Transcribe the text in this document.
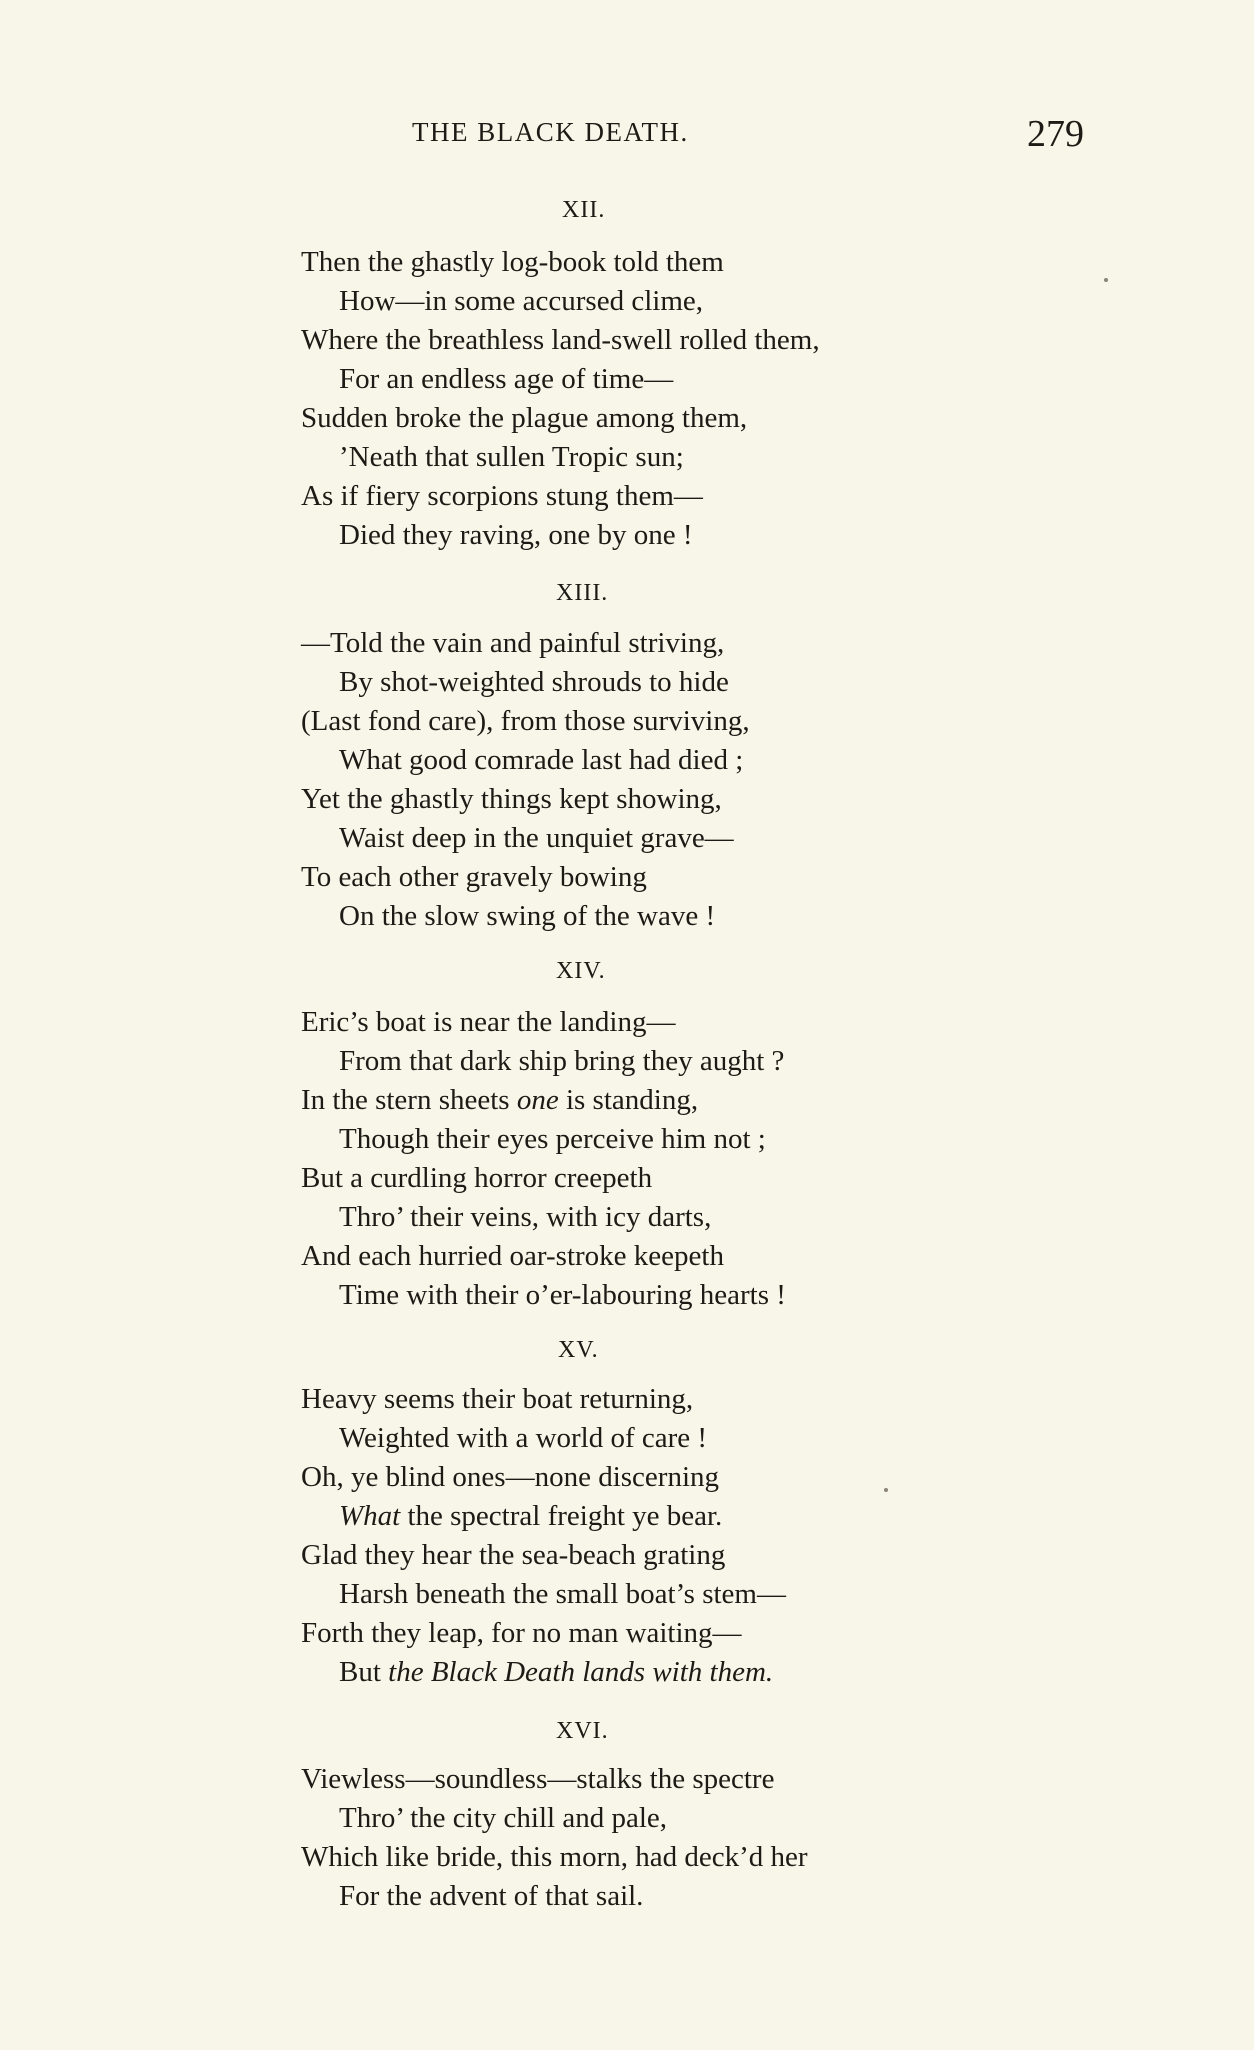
THE BLACK DEATH.	279
XII.
Then the ghastly log-book told them
How—in some accursed clime,
Where the breathless land-swell rolled them,
For an endless age of time—
Sudden broke the plague among them,
’Neath that sullen Tropic sun;
As if fiery scorpions stung them—
Died they raving, one by one !
XIII.
—Told the vain and painful striving,
By shot-weighted shrouds to hide
(Last fond care), from those surviving,
What good comrade last had died ;
Yet the ghastly things kept showing,
Waist deep in the unquiet grave—
To each other gravely bowing
On the slow swing of the wave !
XIV.
Eric’s boat is near the landing—
From that dark ship bring they aught ?
In the stern sheets one is standing,
Though their eyes perceive him not ;
But a curdling horror creepeth
Thro’ their veins, with icy darts,
And each hurried oar-stroke keepeth
Time with their o’er-labouring hearts !
XV.
Heavy seems their boat returning,
Weighted with a world of care !
Oh, ye blind ones—none discerning
What the spectral freight ye bear.
Glad they hear the sea-beach grating
Harsh beneath the small boat’s stem—
Forth they leap, for no man waiting—
But the Black Death lands with them.
XVI.
Viewless—soundless—stalks the spectre
Thro’ the city chill and pale,
Which like bride, this morn, had deck’d her
For the advent of that sail.
